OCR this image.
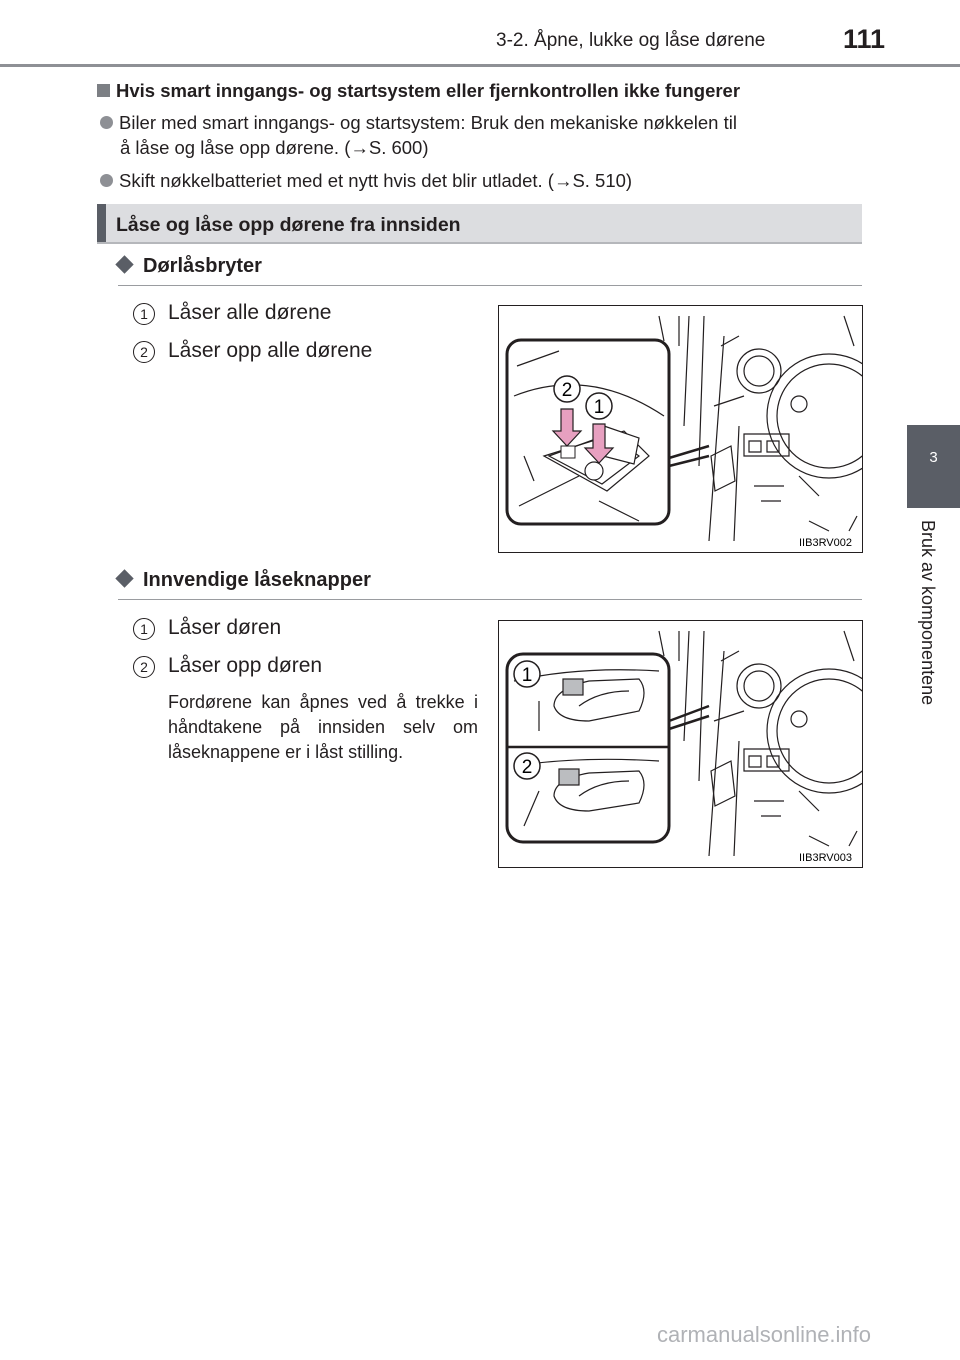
3-2. Åpne, lukke og låse dørene	111
3
Bruk av komponentene
Hvis smart inngangs- og startsystem eller fjernkontrollen ikke fungerer
Biler med smart inngangs- og startsystem: Bruk den mekaniske nøkkelen til
å låse og låse opp dørene. (→S. 600)
Skift nøkkelbatteriet med et nytt hvis det blir utladet. (→S. 510)
Låse og låse opp dørene fra innsiden
Dørlåsbryter
1 Låser alle dørene
2 Låser opp alle dørene
2
1
IIB3RV002
Innvendige låseknapper
1 Låser døren
2 Låser opp døren
Fordørene kan åpnes ved å trekke i håndtakene på innsiden selv om låseknappene er i låst stilling.
1
2
IIB3RV003
carmanualsonline.info
